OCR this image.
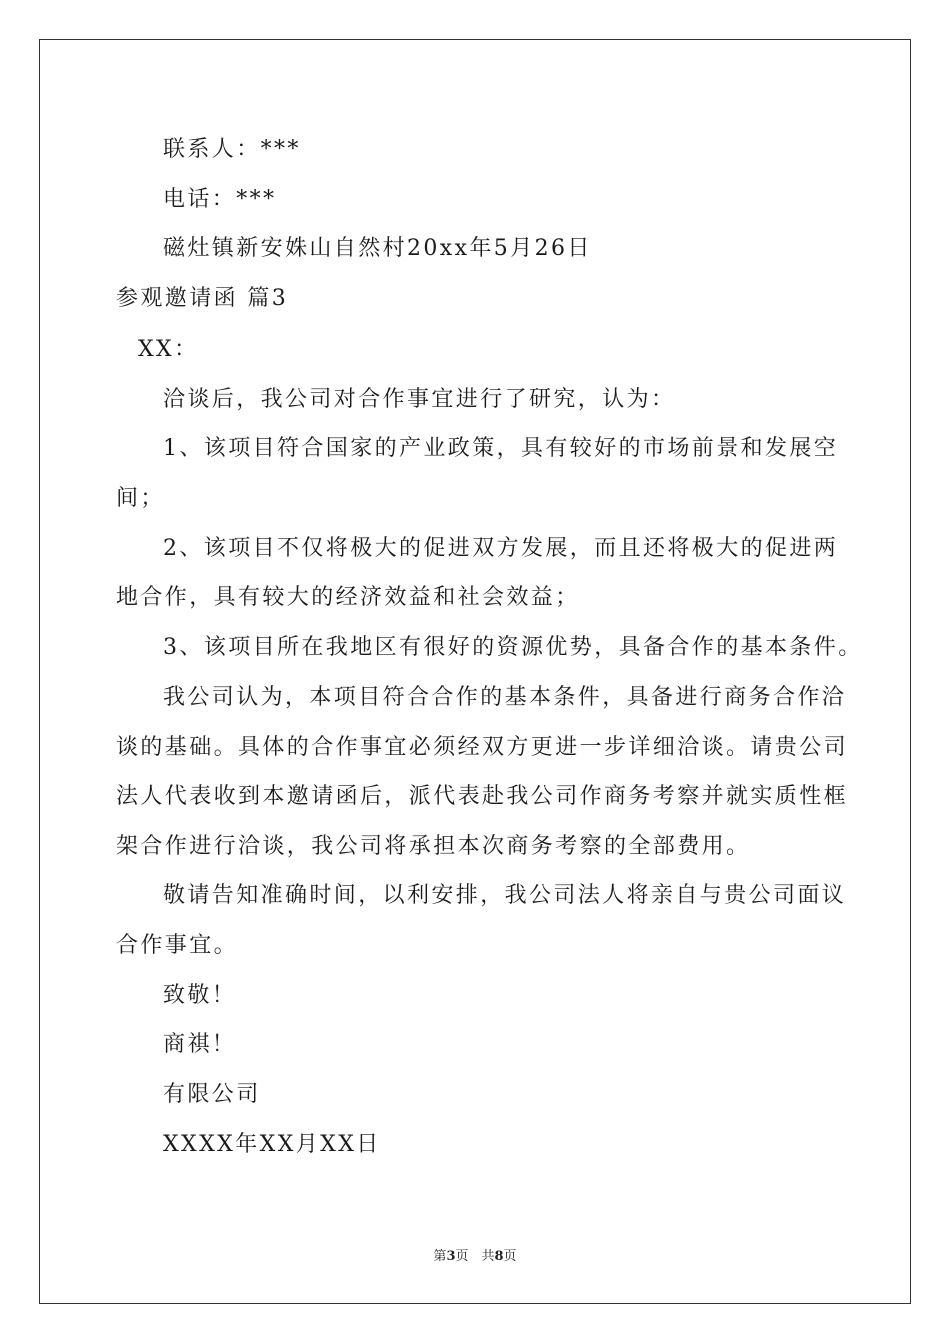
联系人：***
电话：***
磁灶镇新安姝山自然村20xx年5月26日
参观邀请函 篇3
XX：
洽谈后，我公司对合作事宜进行了研究，认为：
1、该项目符合国家的产业政策，具有较好的市场前景和发展空
间；
2、该项目不仅将极大的促进双方发展，而且还将极大的促进两
地合作，具有较大的经济效益和社会效益；
3、该项目所在我地区有很好的资源优势，具备合作的基本条件。
我公司认为，本项目符合合作的基本条件，具备进行商务合作洽
谈的基础。具体的合作事宜必须经双方更进一步详细洽谈。请贵公司
法人代表收到本邀请函后，派代表赴我公司作商务考察并就实质性框
架合作进行洽谈，我公司将承担本次商务考察的全部费用。
敬请告知准确时间，以利安排，我公司法人将亲自与贵公司面议
合作事宜。
致敬！
商祺！
有限公司
XXXX年XX月XX日
第3页　共8页
